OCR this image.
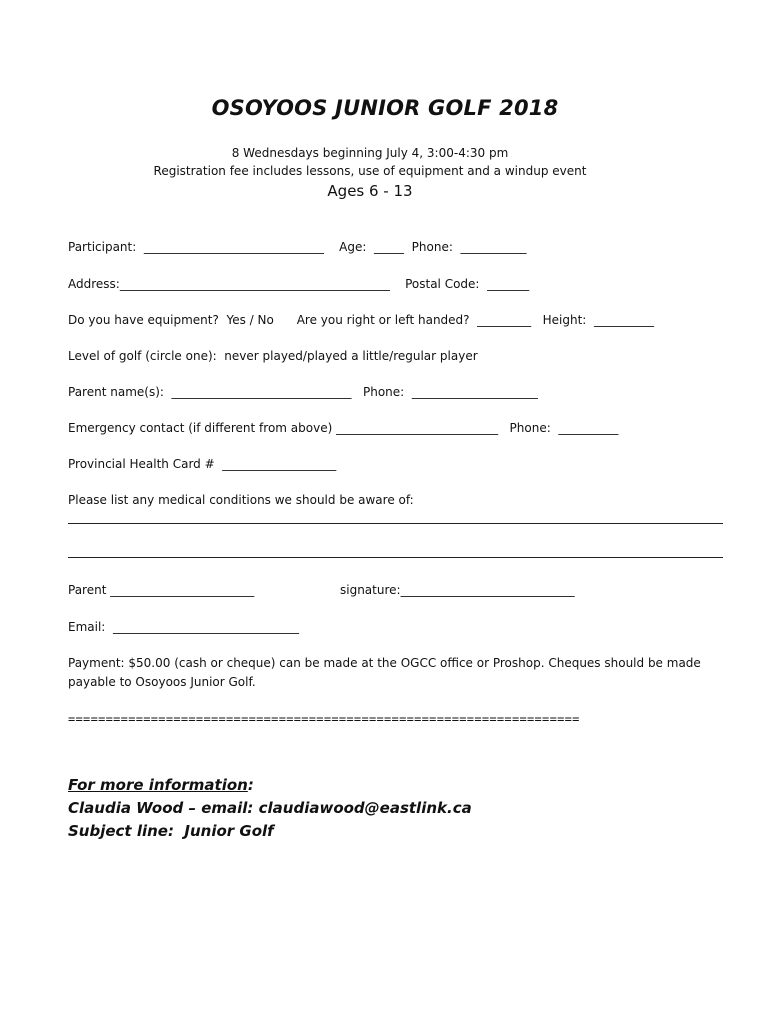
OSOYOOS JUNIOR GOLF 2018
8 Wednesdays beginning July 4, 3:00-4:30 pm
Registration fee includes lessons, use of equipment and a windup event
Ages 6 - 13
Participant:  ______________________________    Age:  _____  Phone:  ___________
Address:_____________________________________________    Postal Code:  _______
Do you have equipment?  Yes / No      Are you right or left handed?  _________   Height:  __________
Level of golf (circle one):  never played/played a little/regular player
Parent name(s):  ______________________________   Phone:  _____________________
Emergency contact (if different from above) ___________________________   Phone:  __________
Provincial Health Card #  ___________________
Please list any medical conditions we should be aware of:
Parent ________________________	signature:_____________________________
Email:  _______________________________
Payment: $50.00 (cash or cheque) can be made at the OGCC office or Proshop. Cheques should be made payable to Osoyoos Junior Golf.
====================================================================
For more information:
Claudia Wood – email: claudiawood@eastlink.ca
Subject line:  Junior Golf
